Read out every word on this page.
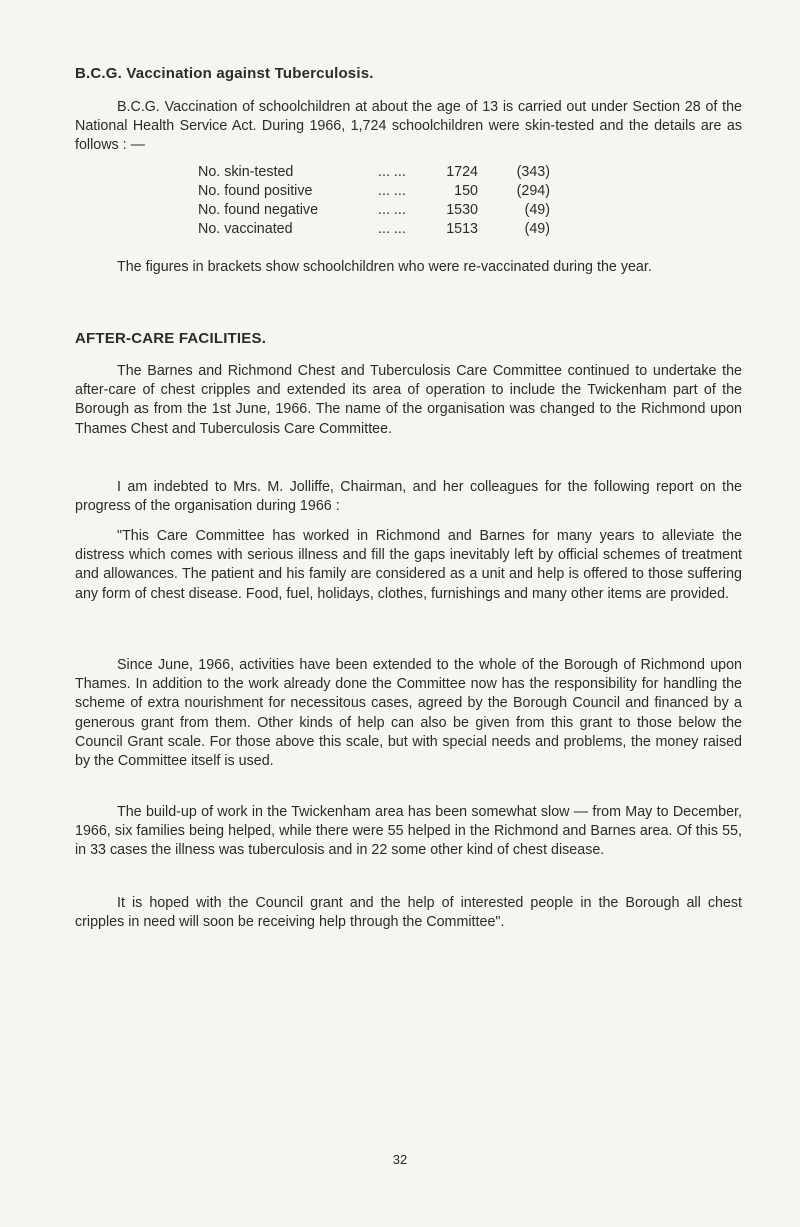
B.C.G. Vaccination against Tuberculosis.

B.C.G. Vaccination of schoolchildren at about the age of 13 is carried out under Section 28 of the National Health Service Act. During 1966, 1,724 schoolchildren were skin-tested and the details are as follows : —

No. skin-tested ... ...	1724	(343)
No. found positive ... ...	150	(294)
No. found negative ... ...	1530	(49)
No. vaccinated ... ...	1513	(49)

The figures in brackets show schoolchildren who were re-vaccinated during the year.

AFTER-CARE FACILITIES.

The Barnes and Richmond Chest and Tuberculosis Care Committee continued to undertake the after-care of chest cripples and extended its area of operation to include the Twickenham part of the Borough as from the 1st June, 1966. The name of the organisation was changed to the Richmond upon Thames Chest and Tuberculosis Care Committee.

I am indebted to Mrs. M. Jolliffe, Chairman, and her colleagues for the following report on the progress of the organisation during 1966 :

"This Care Committee has worked in Richmond and Barnes for many years to alleviate the distress which comes with serious illness and fill the gaps inevitably left by official schemes of treatment and allowances. The patient and his family are considered as a unit and help is offered to those suffering any form of chest disease. Food, fuel, holidays, clothes, furnishings and many other items are provided.

Since June, 1966, activities have been extended to the whole of the Borough of Richmond upon Thames. In addition to the work already done the Committee now has the responsibility for handling the scheme of extra nourishment for necessitous cases, agreed by the Borough Council and financed by a generous grant from them. Other kinds of help can also be given from this grant to those below the Council Grant scale. For those above this scale, but with special needs and problems, the money raised by the Committee itself is used.

The build-up of work in the Twickenham area has been somewhat slow — from May to December, 1966, six families being helped, while there were 55 helped in the Richmond and Barnes area. Of this 55, in 33 cases the illness was tuberculosis and in 22 some other kind of chest disease.

It is hoped with the Council grant and the help of interested people in the Borough all chest cripples in need will soon be receiving help through the Committee".

32
